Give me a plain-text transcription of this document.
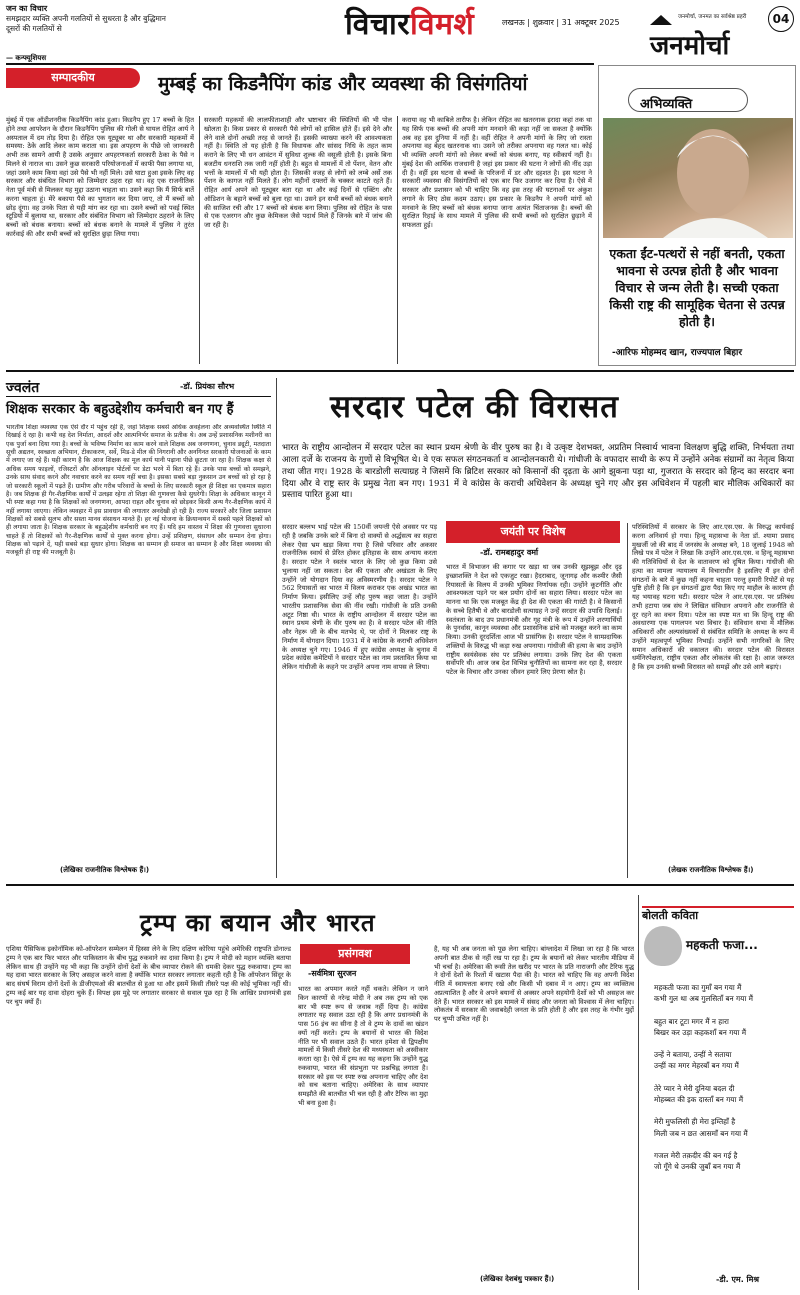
जन का विचार
समझदार व्यक्ति अपनी गलतियों से सुधरता है और बुद्धिमान दूसरों की गलतियों से
— कन्फ्यूशियस
विचारविमर्श	लखनऊ | शुक्रवार | 31 अक्टूबर 2025	04
जनमोर्चा, जनमत का सर्वश्रेष्ठ प्रहरी
जनमोर्चा
सम्पादकीय	मुम्बई का किडनैपिंग कांड और व्यवस्था की विसंगतियां
मुंबई में एक ऑडीशनरीक किडनैपिंग कांड हुआ। किडनैप हुए 17 बच्चों के हित होने तथा आपरेशन के दौरान किडनैपिंग पुलिस की गोली से घायल रोहित आर्य ने अस्पताल में दम तोड़ दिया है। रोहित एक यूट्यूबर था और सरकारी महकमों में समस्या: ठेके आदि लेकर काम कराता था। इस अपहरण के पीछे जो जानकारी अभी तक सामने आयी है उसके अनुसार अपहरणकर्ता सरकारी ठेका के पैसे न मिलने से नाराज था। उसने कुछ सरकारी परियोजनाओं में काफी पैसा लगाया था, जहां उसने काम किया वहां उसे पैसे भी नहीं मिले। उसे घाटा हुआ इसके लिए वह सरकार और संबंधित विभाग को जिम्मेदार ठहरा रहा था। वह एक राजनीतिक नेता पूर्व मंत्री से मिलकर यह मुद्दा उठाना चाहता था। उसने कहा कि मैं सिर्फ बातें करना चाहता हूं। मेरे बकाया पैसे का भुगतान कर दिया जाए, तो मैं बच्चों को छोड़ दूंगा। वह उनके पिता से यही मांग कर रहा था। उसने बच्चों को पवई स्थित स्टूडियो में बुलाया था, सरकार और संबंधित विभाग को जिम्मेदार ठहराने के लिए बच्चों को बंधक बनाया। बच्चों को बंधक बनाने के मामले में पुलिस ने तुरंत कार्रवाई की और सभी बच्चों को सुरक्षित छुड़ा लिया गया।
सरकारी महकमों की लालफीताशाही और भ्रष्टाचार की स्थितियों की भी पोल खोलता है। किस प्रकार से सरकारी पैसे लोगों को हासिल होते हैं। इसे देने और लेने वाले दोनों अच्छी तरह से जानते हैं। इसकी व्याख्या करने की आवश्यकता नहीं है। स्थिति तो यह होती है कि विधायक और सांसद निधि के तहत काम कराने के लिए भी धन आवंटन में सुविधा शुल्क की वसूली होती है। इसके बिना बजटीय धनराशि तक जारी नहीं होती है। बहुत से मामलों में तो पेंशन, वेतन और भत्तों के मामलों में भी यही होता है। जिसकी वजह से लोगों को लम्बे अर्से तक पेंशन के कागज नहीं मिलते हैं। लोग महीनों दफ्तरों के चक्कर काटते रहते हैं। रोहित आर्य अपने को यूट्यूबर बता रहा था और कई दिनों से एक्टिंग और ऑडिशन के बहाने बच्चों को बुला रहा था। उसने इन सभी बच्चों को बंधक बनाने की साजिश रची और 17 बच्चों को बंधक बना लिया। पुलिस को रोहित के पास से एक एअरगन और कुछ केमिकल जैसे पदार्थ मिले हैं जिनके बारे में जांच की जा रही है।
कराया वह भी काबिले तारीफ है। लेकिन रोहित का खतरनाक इरादा कहां तक था यह सिर्फ एक बच्चों की अपनी मांग मनवाने की कड़ा नहीं जा सकता है क्योंकि अब वह इस दुनिया में नहीं है। वहीं रोहित ने अपनी मांगों के लिए जो रास्ता अपनाया वह बेहद खतरनाक था। उसने जो तरीका अपनाया वह गलत था। कोई भी व्यक्ति अपनी मांगों को लेकर बच्चों को बंधक बनाए, यह स्वीकार्य नहीं है। मुंबई देश की आर्थिक राजधानी है जहां इस प्रकार की घटना ने लोगों की नींद उड़ा दी है। वहीं इस घटना से बच्चों के परिजनों में डर और दहशत है। इस घटना ने सरकारी व्यवस्था की विसंगतियों को एक बार फिर उजागर कर दिया है। ऐसे में सरकार और प्रशासन को भी चाहिए कि वह इस तरह की घटनाओं पर अंकुश लगाने के लिए ठोस कदम उठाए। इस प्रकार के किडनैप ने अपनी मांगों को मनवाने के लिए बच्चों को बंधक बनाया जाना अत्यंत चिंताजनक है। बच्चों की सुरक्षित रिहाई के साथ मामले में पुलिस की सभी बच्चों को सुरक्षित छुड़ाने में सफलता हुई।
अभिव्यक्ति
एकता ईंट-पत्थरों से नहीं बनती, एकता भावना से उत्पन्न होती है और भावना विचार से जन्म लेती है। सच्ची एकता किसी राष्ट्र की सामूहिक चेतना से उत्पन्न होती है।
-आरिफ मोहम्मद खान, राज्यपाल बिहार
ज्वलंत	-डॉ. प्रियंका सौरभ
शिक्षक सरकार के बहुउद्देशीय कर्मचारी बन गए हैं
भारतीय शिक्षा व्यवस्था एक ऐसे दौर में पहुंच रही है, जहां शिक्षक सबसे अधिक अवहेलना और अव्यवस्थित स्थिति में दिखाई दे रहा है। कभी वह देश निर्माता, आदर्श और आत्मनिर्भर समाज के प्रतीक थे। अब उन्हें प्रशासनिक मशीनरी का एक पुर्जा बना दिया गया है। बच्चों के भविष्य निर्माण का काम करने वाले शिक्षक अब जनगणना, चुनाव ड्यूटी, मतदाता सूची अद्यतन, स्वच्छता अभियान, टीकाकरण, सर्वे, मिड-डे मील की निगरानी और अनगिनत सरकारी योजनाओं के काम में लगाए जा रहे हैं। यही कारण है कि आज शिक्षक का मूल कार्य यानी पढ़ाना पीछे छूटता जा रहा है। शिक्षक कक्षा से अधिक समय फाइलों, रजिस्टरों और ऑनलाइन पोर्टलों पर डेटा भरने में बिता रहे हैं। उनके पास बच्चों को समझने, उनके साथ संवाद करने और नवाचार करने का समय नहीं बचा है। इसका सबसे बड़ा नुकसान उन बच्चों को हो रहा है जो सरकारी स्कूलों में पढ़ते हैं। ग्रामीण और गरीब परिवारों के बच्चों के लिए सरकारी स्कूल ही शिक्षा का एकमात्र सहारा है। जब शिक्षक ही गैर-शैक्षणिक कार्यों में उलझा रहेगा तो शिक्षा की गुणवत्ता कैसे सुधरेगी। शिक्षा के अधिकार कानून में भी स्पष्ट कहा गया है कि शिक्षकों को जनगणना, आपदा राहत और चुनाव को छोड़कर किसी अन्य गैर-शैक्षणिक कार्य में नहीं लगाया जाएगा। लेकिन व्यवहार में इस प्रावधान की लगातार अनदेखी हो रही है। राज्य सरकारें और जिला प्रशासन शिक्षकों को सबसे सुलभ और सस्ता मानव संसाधन मानते हैं। हर नई योजना के क्रियान्वयन में सबसे पहले शिक्षकों को ही लगाया जाता है। शिक्षक सरकार के बहुउद्देशीय कर्मचारी बन गए हैं। यदि हम वास्तव में शिक्षा की गुणवत्ता सुधारना चाहते हैं तो शिक्षकों को गैर-शैक्षणिक कार्यों से मुक्त करना होगा। उन्हें प्रशिक्षण, संसाधन और सम्मान देना होगा। शिक्षक को पढ़ाने दें, यही सबसे बड़ा सुधार होगा। शिक्षक का सम्मान ही समाज का सम्मान है और शिक्षा व्यवस्था की मजबूती ही राष्ट्र की मजबूती है।
(लेखिका राजनीतिक विश्लेषक हैं।)
सरदार पटेल की विरासत
भारत के राष्ट्रीय आन्दोलन में सरदार पटेल का स्थान प्रथम श्रेणी के वीर पुरुष का है। वे उत्कृष्ट देशभक्त, अप्रतिम निस्वार्थ भावना विलक्षण बुद्धि शक्ति, निर्भयता तथा आला दर्जे के राजनय के गुणों से विभूषित थे। वे एक सफल संगठनकर्ता व आन्दोलनकारी थे। गांधीजी के वफादार साथी के रूप में उन्होंने अनेक संग्रामों का नेतृत्व किया तथा जीत गए। 1928 के बारडोली सत्याग्रह ने जिसमें कि ब्रिटिश सरकार को किसानों की दृढ़ता के आगे झुकना पड़ा था, गुजरात के सरदार को हिन्द का सरदार बना दिया और वे राष्ट्र स्तर के प्रमुख नेता बन गए। 1931 में वे कांग्रेस के कराची अधिवेशन के अध्यक्ष चुने गए और इस अधिवेशन में पहली बार मौलिक अधिकारों का प्रस्ताव पारित हुआ था।
सरदार बल्लभ भाई पटेल की 150वीं जयन्ती ऐसे अवसर पर पड़ रही है जबकि उनके बारे में बिना दो वाक्यों से अर्द्धसत्य का सहारा लेकर ऐसा भ्रम खड़ा किया गया है जिसे परिवार और अकसर राजनीतिक स्वार्थ से प्रेरित होकर इतिहास के साथ अन्याय करता है। सरदार पटेल ने स्वतंत्र भारत के लिए जो कुछ किया उसे भुलाया नहीं जा सकता। देश की एकता और अखंडता के लिए उन्होंने जो योगदान दिया वह अविस्मरणीय है। सरदार पटेल ने 562 रियासतों का भारत में विलय कराकर एक अखंड भारत का निर्माण किया। इसीलिए उन्हें लौह पुरुष कहा जाता है। उन्होंने भारतीय प्रशासनिक सेवा की नींव रखी। गांधीजी के प्रति उनकी अटूट निष्ठा थी। भारत के राष्ट्रीय आन्दोलन में सरदार पटेल का स्थान प्रथम श्रेणी के वीर पुरुष का है। वे सरदार पटेल की नीति और नेहरू जी के बीच मतभेद थे, पर दोनों ने मिलकर राष्ट्र के निर्माण में योगदान दिया। 1931 में वे कांग्रेस के कराची अधिवेशन के अध्यक्ष चुने गए। 1946 में हुए कांग्रेस अध्यक्ष के चुनाव में प्रदेश कांग्रेस कमेटियों ने सरदार पटेल का नाम प्रस्तावित किया था लेकिन गांधीजी के कहने पर उन्होंने अपना नाम वापस ले लिया।
जयंती पर विशेष
-डॉ. रामबहादुर वर्मा
भारत में विभाजन की कगार पर खड़ा था जब उनकी सूझबूझ और दृढ़ इच्छाशक्ति ने देश को एकजुट रखा। हैदराबाद, जूनागढ़ और कश्मीर जैसी रियासतों के विलय में उनकी भूमिका निर्णायक रही। उन्होंने कूटनीति और आवश्यकता पड़ने पर बल प्रयोग दोनों का सहारा लिया। सरदार पटेल का मानना था कि एक मजबूत केंद्र ही देश की एकता की गारंटी है। वे किसानों के सच्चे हितैषी थे और बारडोली सत्याग्रह ने उन्हें सरदार की उपाधि दिलाई। स्वतंत्रता के बाद उप प्रधानमंत्री और गृह मंत्री के रूप में उन्होंने शरणार्थियों के पुनर्वास, कानून व्यवस्था और प्रशासनिक ढांचे को मजबूत करने का काम किया। उनकी दूरदर्शिता आज भी प्रासंगिक है। सरदार पटेल ने साम्प्रदायिक शक्तियों के विरुद्ध भी कड़ा रुख अपनाया। गांधीजी की हत्या के बाद उन्होंने राष्ट्रीय स्वयंसेवक संघ पर प्रतिबंध लगाया। उनके लिए देश की एकता सर्वोपरि थी। आज जब देश विभिन्न चुनौतियों का सामना कर रहा है, सरदार पटेल के विचार और उनका जीवन हमारे लिए प्रेरणा स्रोत है।
परिस्थितियों में सरकार के लिए आर.एस.एस. के विरुद्ध कार्यवाई करना अनिवार्य हो गया। हिन्दू महासभा के नेता डॉ. श्यामा प्रसाद मुखर्जी जो की बाद में जनसंघ के अध्यक्ष बने, 18 जुलाई 1948 को लिखे पत्र में पटेल ने लिखा कि उन्होंने आर.एस.एस. व हिन्दू महासभा की गतिविधियों से देश के वातावरण को दूषित किया। गांधीजी की हत्या का मामला न्यायालय में विचाराधीन है इसलिए मैं इन दोनों संगठनों के बारे में कुछ नहीं कहना चाहता परन्तु हमारी रिपोर्टें से यह पुष्टि होती है कि इन संगठनों द्वारा पैदा किए गए माहौल के कारण ही यह भयावह घटना घटी। सरदार पटेल ने आर.एस.एस. पर प्रतिबंध तभी हटाया जब संघ ने लिखित संविधान अपनाने और राजनीति से दूर रहने का वचन दिया। पटेल का स्पष्ट मत था कि हिन्दू राष्ट्र की अवधारणा एक पागलपन भरा विचार है। संविधान सभा में मौलिक अधिकारों और अल्पसंख्यकों से संबंधित समिति के अध्यक्ष के रूप में उन्होंने महत्वपूर्ण भूमिका निभाई। उन्होंने सभी नागरिकों के लिए समान अधिकारों की वकालत की। सरदार पटेल की विरासत धर्मनिरपेक्षता, राष्ट्रीय एकता और लोकतंत्र की रक्षा है। आज जरूरत है कि हम उनकी सच्ची विरासत को समझें और उसे आगे बढ़ाएं।
(लेखक राजनीतिक विश्लेषक हैं।)
ट्रम्प का बयान और भारत
एशिया पैसिफिक इकोनॉमिक को-ऑपरेशन सम्मेलन में हिस्सा लेने के लिए दक्षिण कोरिया पहुंचे अमेरिकी राष्ट्रपति डोनाल्ड ट्रम्प ने एक बार फिर भारत और पाकिस्तान के बीच युद्ध रुकवाने का दावा किया है। ट्रम्प ने मोदी को महान व्यक्ति बताया लेकिन साथ ही उन्होंने यह भी कहा कि उन्होंने दोनों देशों के बीच व्यापार रोकने की धमकी देकर युद्ध रुकवाया। ट्रम्प का यह दावा भारत सरकार के लिए असहज करने वाला है क्योंकि भारत सरकार लगातार कहती रही है कि ऑपरेशन सिंदूर के बाद संघर्ष विराम दोनों देशों के डीजीएमओ की बातचीत से हुआ था और इसमें किसी तीसरे पक्ष की कोई भूमिका नहीं थी। ट्रम्प कई बार यह दावा दोहरा चुके हैं। विपक्ष इस मुद्दे पर लगातार सरकार से सवाल पूछ रहा है कि आखिर प्रधानमंत्री इस पर चुप क्यों हैं।
प्रसंगवश
-सर्वमित्रा सुरजन
भारत का अपमान करते नहीं थकते। लेकिन न जाने किन कारणों से नरेन्द्र मोदी ने अब तक ट्रम्प को एक बार भी स्पष्ट रूप से जवाब नहीं दिया है। कांग्रेस लगातार यह सवाल उठा रही है कि अगर प्रधानमंत्री के पास 56 इंच का सीना है तो वे ट्रम्प के दावों का खंडन क्यों नहीं करते। ट्रम्प के बयानों से भारत की विदेश नीति पर भी सवाल उठते हैं। भारत हमेशा से द्विपक्षीय मामलों में किसी तीसरे देश की मध्यस्थता को अस्वीकार करता रहा है। ऐसे में ट्रम्प का यह कहना कि उन्होंने युद्ध रुकवाया, भारत की संप्रभुता पर प्रश्नचिह्न लगाता है। सरकार को इस पर स्पष्ट रुख अपनाना चाहिए और देश को सच बताना चाहिए। अमेरिका के साथ व्यापार समझौते की बातचीत भी चल रही है और टैरिफ का मुद्दा भी बना हुआ है।
है, यह भी अब जनता को पूछ लेना चाहिए। बांग्लादेश में लिखा जा रहा है कि भारत अपनी बात ठीक से नहीं रख पा रहा है। ट्रम्प के बयानों को लेकर भारतीय मीडिया में भी चर्चा है। अमेरिका की रूसी तेल खरीद पर भारत के प्रति नाराजगी और टैरिफ युद्ध ने दोनों देशों के रिश्तों में खटास पैदा की है। भारत को चाहिए कि वह अपनी विदेश नीति में स्वायत्तता बनाए रखे और किसी भी दबाव में न आए। ट्रम्प का व्यक्तित्व अप्रत्याशित है और वे अपने बयानों से अक्सर अपने सहयोगी देशों को भी असहज कर देते हैं। भारत सरकार को इस मामले में संसद और जनता को विश्वास में लेना चाहिए। लोकतंत्र में सरकार की जवाबदेही जनता के प्रति होती है और इस तरह के गंभीर मुद्दों पर चुप्पी उचित नहीं है।
(लेखिका देशबंधु पत्रकार हैं।)
बोलती कविता
महकती फजा...
महकती फजा का गुमाँ बन गया मैं
कभी गुल था अब गुलसिताँ बन गया मैं
बहुत बार टूटा मगर मैं न हारा
बिखर कर उड़ा कहकशाँ बन गया मैं
उन्हें ने बताया, उन्हीं ने सताया
उन्हीं का मगर मेहरबाँ बन गया मैं
तेरे प्यार ने मेरी दुनिया बदल दी
मोहब्बत की इक दास्ताँ बन गया मैं
मेरी मुफलिसी ही मेरा इम्तिहाँ है
मिली जब न छत आसमाँ बन गया मैं
गजल मेरी तक़दीर की बन गई है
जो गूँगे थे उनकी जुबाँ बन गया मैं
-डी. एम. मिश्र
